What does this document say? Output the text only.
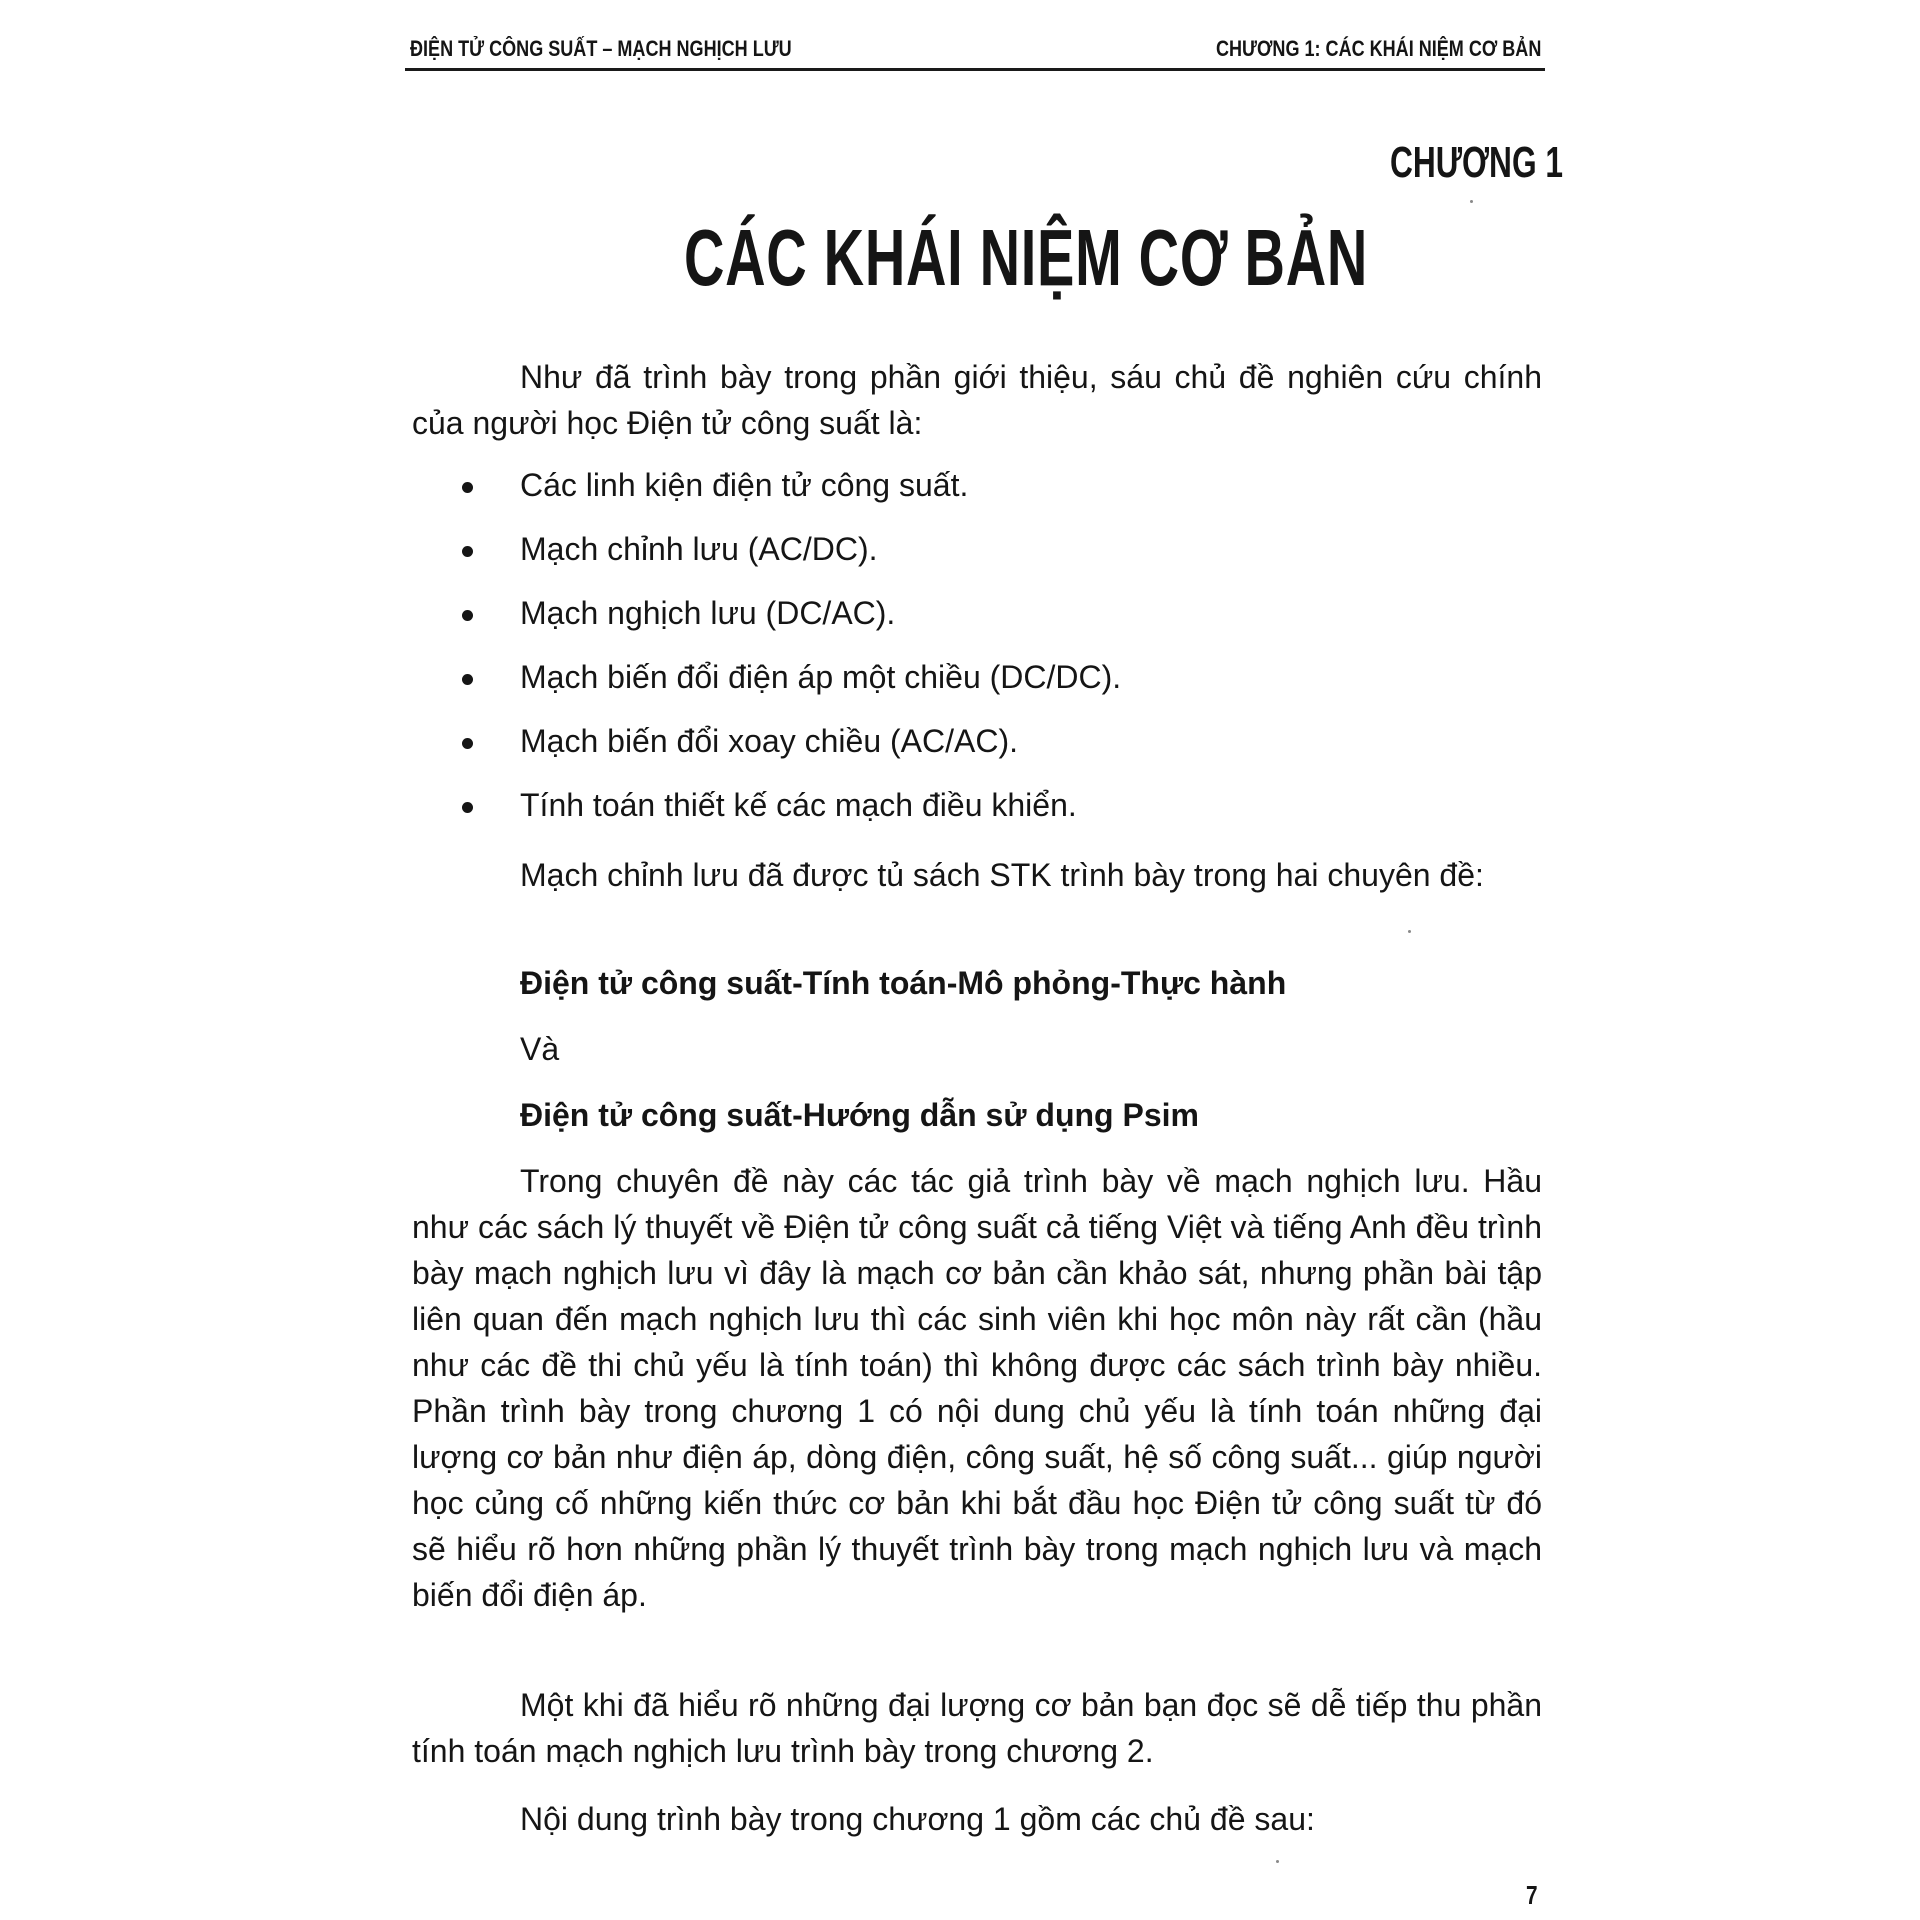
ĐIỆN TỬ CÔNG SUẤT – MẠCH NGHỊCH LƯU	CHƯƠNG 1: CÁC KHÁI NIỆM CƠ BẢN
CHƯƠNG 1
CÁC KHÁI NIỆM CƠ BẢN

Như đã trình bày trong phần giới thiệu, sáu chủ đề nghiên cứu chính của người học Điện tử công suất là:

Các linh kiện điện tử công suất.
Mạch chỉnh lưu (AC/DC).
Mạch nghịch lưu (DC/AC).
Mạch biến đổi điện áp một chiều (DC/DC).
Mạch biến đổi xoay chiều (AC/AC).
Tính toán thiết kế các mạch điều khiển.

Mạch chỉnh lưu đã được tủ sách STK trình bày trong hai chuyên đề:

Điện tử công suất-Tính toán-Mô phỏng-Thực hành
Và
Điện tử công suất-Hướng dẫn sử dụng Psim

Trong chuyên đề này các tác giả trình bày về mạch nghịch lưu. Hầu như các sách lý thuyết về Điện tử công suất cả tiếng Việt và tiếng Anh đều trình bày mạch nghịch lưu vì đây là mạch cơ bản cần khảo sát, nhưng phần bài tập liên quan đến mạch nghịch lưu thì các sinh viên khi học môn này rất cần (hầu như các đề thi chủ yếu là tính toán) thì không được các sách trình bày nhiều. Phần trình bày trong chương 1 có nội dung chủ yếu là tính toán những đại lượng cơ bản như điện áp, dòng điện, công suất, hệ số công suất... giúp người học củng cố những kiến thức cơ bản khi bắt đầu học Điện tử công suất từ đó sẽ hiểu rõ hơn những phần lý thuyết trình bày trong mạch nghịch lưu và mạch biến đổi điện áp.

Một khi đã hiểu rõ những đại lượng cơ bản bạn đọc sẽ dễ tiếp thu phần tính toán mạch nghịch lưu trình bày trong chương 2.

Nội dung trình bày trong chương 1 gồm các chủ đề sau:

7
